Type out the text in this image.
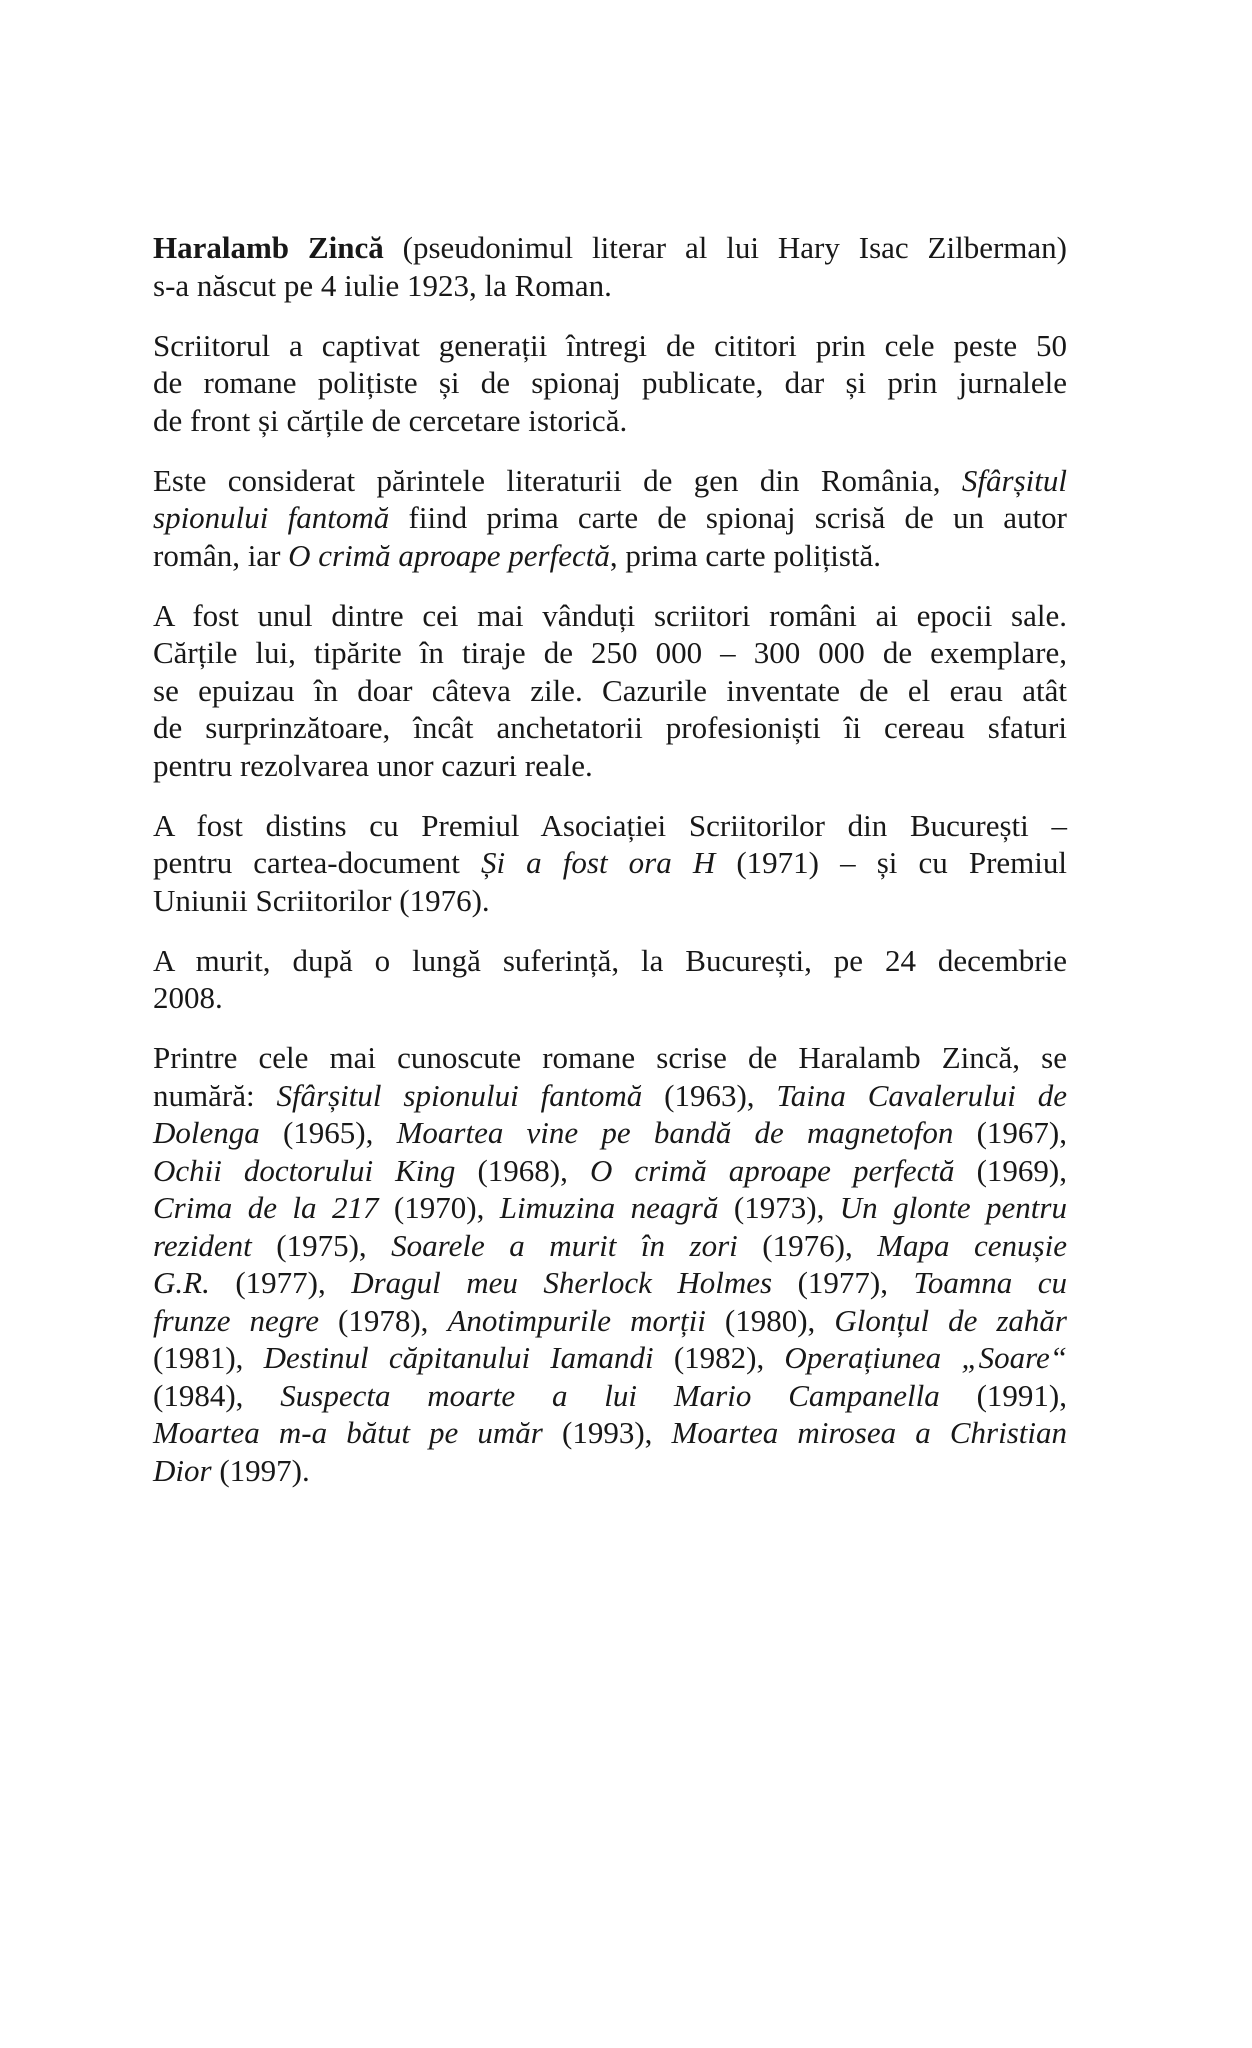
Haralamb Zincă (pseudonimul literar al lui Hary Isac Zilberman)
s-a născut pe 4 iulie 1923, la Roman.

Scriitorul a captivat generații întregi de cititori prin cele peste 50
de romane polițiste și de spionaj publicate, dar și prin jurnalele
de front și cărțile de cercetare istorică.

Este considerat părintele literaturii de gen din România, Sfârșitul
spionului fantomă fiind prima carte de spionaj scrisă de un autor
român, iar O crimă aproape perfectă, prima carte polițistă.

A fost unul dintre cei mai vânduți scriitori români ai epocii sale.
Cărțile lui, tipărite în tiraje de 250 000 – 300 000 de exemplare,
se epuizau în doar câteva zile. Cazurile inventate de el erau atât
de surprinzătoare, încât anchetatorii profesioniști îi cereau sfaturi
pentru rezolvarea unor cazuri reale.

A fost distins cu Premiul Asociației Scriitorilor din București –
pentru cartea-document Și a fost ora H (1971) – și cu Premiul
Uniunii Scriitorilor (1976).

A murit, după o lungă suferință, la București, pe 24 decembrie
2008.

Printre cele mai cunoscute romane scrise de Haralamb Zincă, se
numără: Sfârșitul spionului fantomă (1963), Taina Cavalerului de
Dolenga (1965), Moartea vine pe bandă de magnetofon (1967),
Ochii doctorului King (1968), O crimă aproape perfectă (1969),
Crima de la 217 (1970), Limuzina neagră (1973), Un glonte pentru
rezident (1975), Soarele a murit în zori (1976), Mapa cenușie
G.R. (1977), Dragul meu Sherlock Holmes (1977), Toamna cu
frunze negre (1978), Anotimpurile morții (1980), Glonțul de zahăr
(1981), Destinul căpitanului Iamandi (1982), Operațiunea „Soare“
(1984), Suspecta moarte a lui Mario Campanella (1991),
Moartea m-a bătut pe umăr (1993), Moartea mirosea a Christian
Dior (1997).
